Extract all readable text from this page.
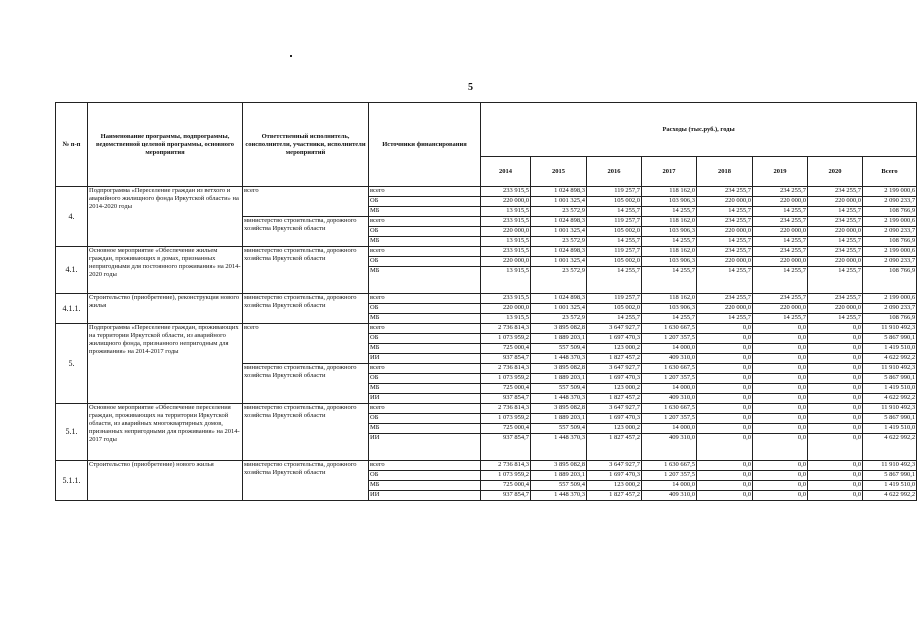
5
№ п-п	Наименование программы, подпрограммы, ведомственной целевой программы, основного мероприятия	Ответственный исполнитель, соисполнители, участники, исполнители мероприятий	Источники финансирования	Расходы (тыс.руб.), годы							
				2014	2015	2016	2017	2018	2019	2020	Всего
4.	Подпрограмма «Переселение граждан из ветхого и аварийного жилищного фонда Иркутской области» на 2014-2020 годы	всего	всего	233 915,5	1 024 898,3	119 257,7	118 162,0	234 255,7	234 255,7	234 255,7	2 199 000,6
			ОБ	220 000,0	1 001 325,4	105 002,0	103 906,3	220 000,0	220 000,0	220 000,0	2 090 233,7
			МБ	13 915,5	23 572,9	14 255,7	14 255,7	14 255,7	14 255,7	14 255,7	108 766,9
		министерство строительства, дорожного хозяйства Иркутской области	всего	233 915,5	1 024 898,3	119 257,7	118 162,0	234 255,7	234 255,7	234 255,7	2 199 000,6
			ОБ	220 000,0	1 001 325,4	105 002,0	103 906,3	220 000,0	220 000,0	220 000,0	2 090 233,7
			МБ	13 915,5	23 572,9	14 255,7	14 255,7	14 255,7	14 255,7	14 255,7	108 766,9
4.1.	Основное мероприятие «Обеспечение жильем граждан, проживающих в домах, признанных непригодными для постоянного проживания» на 2014-2020 годы	министерство строительства, дорожного хозяйства Иркутской области	всего	233 915,5	1 024 898,3	119 257,7	118 162,0	234 255,7	234 255,7	234 255,7	2 199 000,6
			ОБ	220 000,0	1 001 325,4	105 002,0	103 906,3	220 000,0	220 000,0	220 000,0	2 090 233,7
			МБ	13 915,5	23 572,9	14 255,7	14 255,7	14 255,7	14 255,7	14 255,7	108 766,9
4.1.1.	Строительство (приобретение), реконструкция нового жилья	министерство строительства, дорожного хозяйства Иркутской области	всего	233 915,5	1 024 898,3	119 257,7	118 162,0	234 255,7	234 255,7	234 255,7	2 199 000,6
			ОБ	220 000,0	1 001 325,4	105 002,0	103 906,3	220 000,0	220 000,0	220 000,0	2 090 233,7
			МБ	13 915,5	23 572,9	14 255,7	14 255,7	14 255,7	14 255,7	14 255,7	108 766,9
5.	Подпрограмма «Переселение граждан, проживающих на территории Иркутской области, из аварийного жилищного фонда, признанного непригодным для проживания» на 2014-2017 годы	всего	всего	2 736 814,3	3 895 082,8	3 647 927,7	1 630 667,5	0,0	0,0	0,0	11 910 492,3
			ОБ	1 073 959,2	1 889 203,1	1 697 470,3	1 207 357,5	0,0	0,0	0,0	5 867 990,1
			МБ	725 000,4	557 509,4	123 000,2	14 000,0	0,0	0,0	0,0	1 419 510,0
			ИИ	937 854,7	1 448 370,3	1 827 457,2	409 310,0	0,0	0,0	0,0	4 622 992,2
		министерство строительства, дорожного хозяйства Иркутской области	всего	2 736 814,3	3 895 082,8	3 647 927,7	1 630 667,5	0,0	0,0	0,0	11 910 492,3
			ОБ	1 073 959,2	1 889 203,1	1 697 470,3	1 207 357,5	0,0	0,0	0,0	5 867 990,1
			МБ	725 000,4	557 509,4	123 000,2	14 000,0	0,0	0,0	0,0	1 419 510,0
			ИИ	937 854,7	1 448 370,3	1 827 457,2	409 310,0	0,0	0,0	0,0	4 622 992,2
5.1.	Основное мероприятие «Обеспечение переселения граждан, проживающих на территории Иркутской области, из аварийных многоквартирных домов, признанных непригодными для проживания» на 2014-2017 годы	министерство строительства, дорожного хозяйства Иркутской области	всего	2 736 814,3	3 895 082,8	3 647 927,7	1 630 667,5	0,0	0,0	0,0	11 910 492,3
			ОБ	1 073 959,2	1 889 203,1	1 697 470,3	1 207 357,5	0,0	0,0	0,0	5 867 990,1
			МБ	725 000,4	557 509,4	123 000,2	14 000,0	0,0	0,0	0,0	1 419 510,0
			ИИ	937 854,7	1 448 370,3	1 827 457,2	409 310,0	0,0	0,0	0,0	4 622 992,2
5.1.1.	Строительство (приобретение) нового жилья	министерство строительства, дорожного хозяйства Иркутской области	всего	2 736 814,3	3 895 082,8	3 647 927,7	1 630 667,5	0,0	0,0	0,0	11 910 492,3
			ОБ	1 073 959,2	1 889 203,1	1 697 470,3	1 207 357,5	0,0	0,0	0,0	5 867 990,1
			МБ	725 000,4	557 509,4	123 000,2	14 000,0	0,0	0,0	0,0	1 419 510,0
			ИИ	937 854,7	1 448 370,3	1 827 457,2	409 310,0	0,0	0,0	0,0	4 622 992,2
